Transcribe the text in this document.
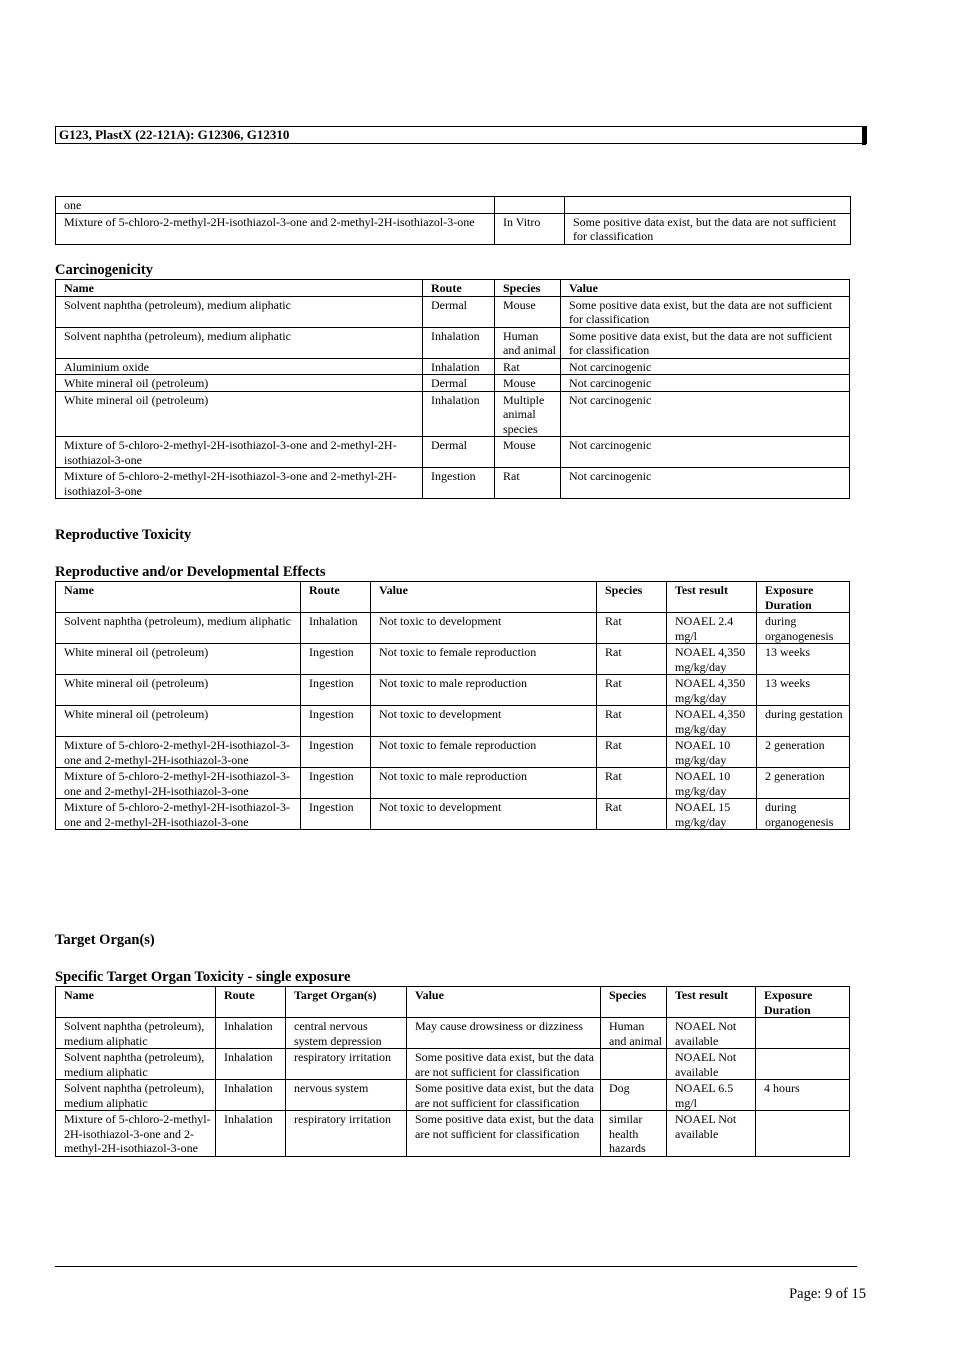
G123, PlastX (22-121A): G12306, G12310
one		
Mixture of 5-chloro-2-methyl-2H-isothiazol-3-one and 2-methyl-2H-isothiazol-3-one	In Vitro	Some positive data exist, but the data are not sufficient for classification
Carcinogenicity
Name	Route	Species	Value
Solvent naphtha (petroleum), medium aliphatic	Dermal	Mouse	Some positive data exist, but the data are not sufficient for classification
Solvent naphtha (petroleum), medium aliphatic	Inhalation	Human and animal	Some positive data exist, but the data are not sufficient for classification
Aluminium oxide	Inhalation	Rat	Not carcinogenic
White mineral oil (petroleum)	Dermal	Mouse	Not carcinogenic
White mineral oil (petroleum)	Inhalation	Multiple animal species	Not carcinogenic
Mixture of 5-chloro-2-methyl-2H-isothiazol-3-one and 2-methyl-2H-isothiazol-3-one	Dermal	Mouse	Not carcinogenic
Mixture of 5-chloro-2-methyl-2H-isothiazol-3-one and 2-methyl-2H-isothiazol-3-one	Ingestion	Rat	Not carcinogenic
Reproductive Toxicity
Reproductive and/or Developmental Effects
Name	Route	Value	Species	Test result	Exposure Duration
Solvent naphtha (petroleum), medium aliphatic	Inhalation	Not toxic to development	Rat	NOAEL 2.4 mg/l	during organogenesis
White mineral oil (petroleum)	Ingestion	Not toxic to female reproduction	Rat	NOAEL 4,350 mg/kg/day	13 weeks
White mineral oil (petroleum)	Ingestion	Not toxic to male reproduction	Rat	NOAEL 4,350 mg/kg/day	13 weeks
White mineral oil (petroleum)	Ingestion	Not toxic to development	Rat	NOAEL 4,350 mg/kg/day	during gestation
Mixture of 5-chloro-2-methyl-2H-isothiazol-3-one and 2-methyl-2H-isothiazol-3-one	Ingestion	Not toxic to female reproduction	Rat	NOAEL 10 mg/kg/day	2 generation
Mixture of 5-chloro-2-methyl-2H-isothiazol-3-one and 2-methyl-2H-isothiazol-3-one	Ingestion	Not toxic to male reproduction	Rat	NOAEL 10 mg/kg/day	2 generation
Mixture of 5-chloro-2-methyl-2H-isothiazol-3-one and 2-methyl-2H-isothiazol-3-one	Ingestion	Not toxic to development	Rat	NOAEL 15 mg/kg/day	during organogenesis
Target Organ(s)
Specific Target Organ Toxicity - single exposure
Name	Route	Target Organ(s)	Value	Species	Test result	Exposure Duration
Solvent naphtha (petroleum), medium aliphatic	Inhalation	central nervous system depression	May cause drowsiness or dizziness	Human and animal	NOAEL Not available	
Solvent naphtha (petroleum), medium aliphatic	Inhalation	respiratory irritation	Some positive data exist, but the data are not sufficient for classification		NOAEL Not available	
Solvent naphtha (petroleum), medium aliphatic	Inhalation	nervous system	Some positive data exist, but the data are not sufficient for classification	Dog	NOAEL 6.5 mg/l	4 hours
Mixture of 5-chloro-2-methyl-2H-isothiazol-3-one and 2-methyl-2H-isothiazol-3-one	Inhalation	respiratory irritation	Some positive data exist, but the data are not sufficient for classification	similar health hazards	NOAEL Not available	
Page: 9 of 15
